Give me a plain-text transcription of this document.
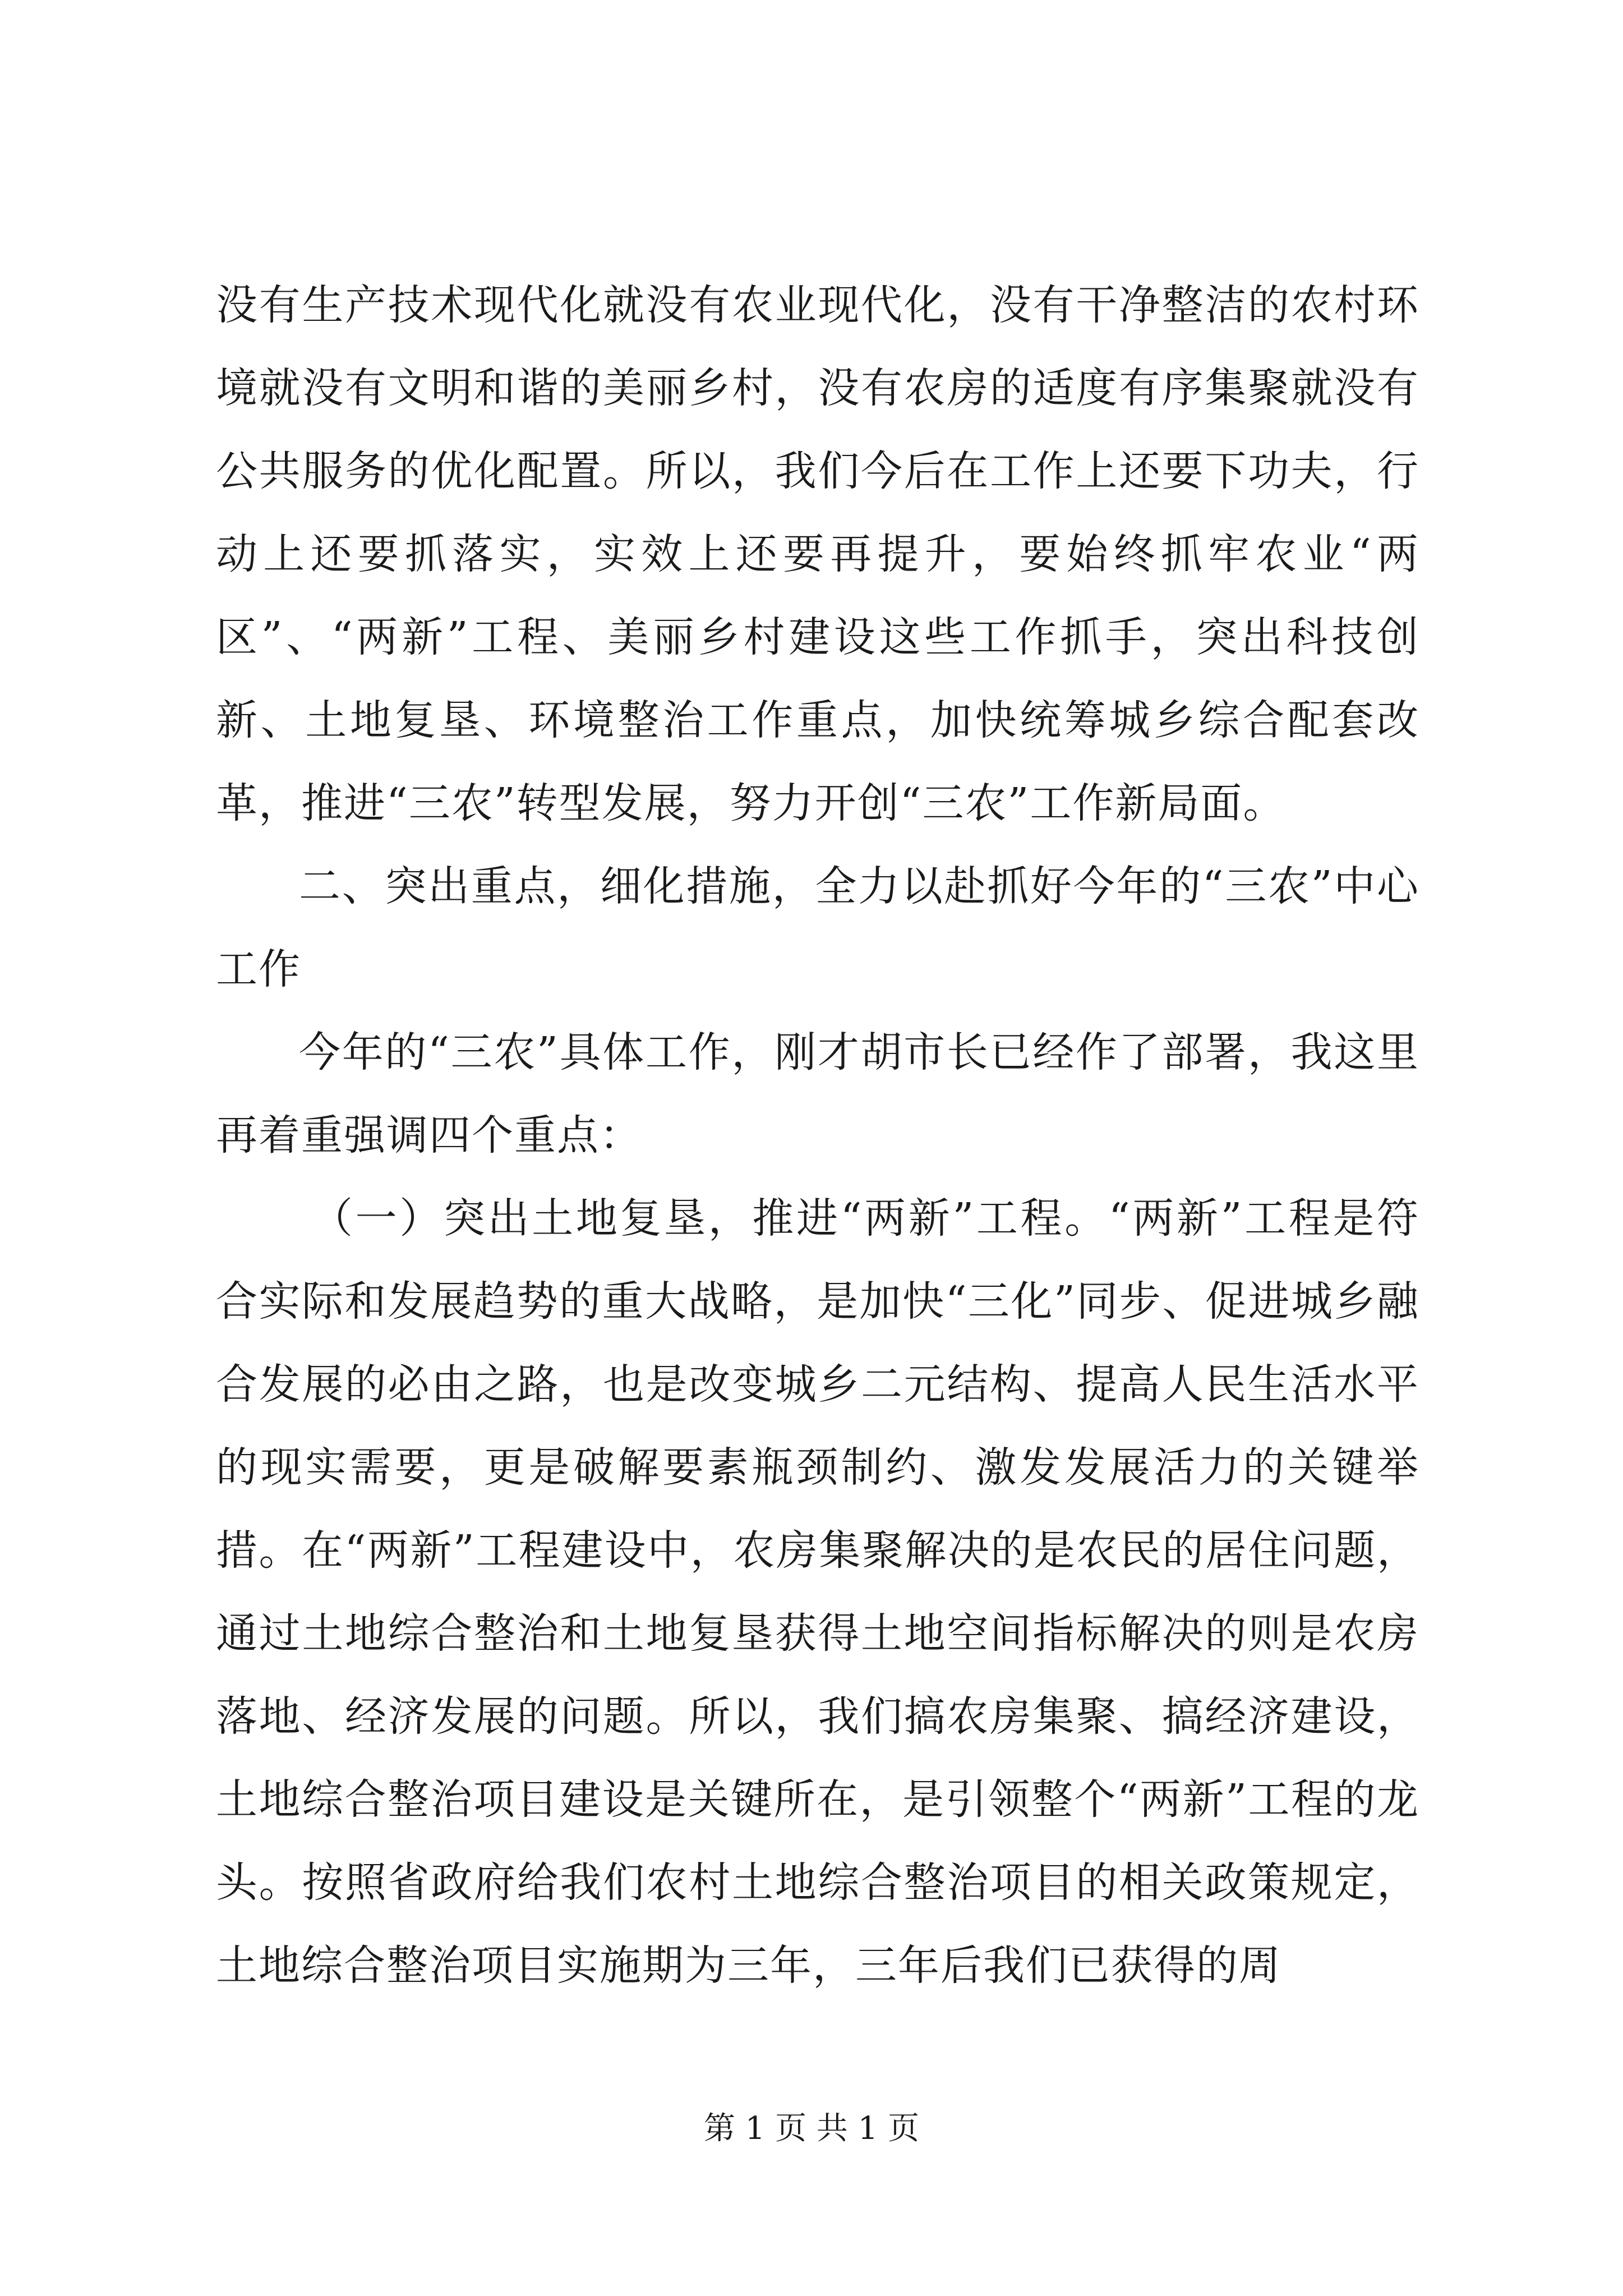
没有生产技术现代化就没有农业现代化，没有干净整洁的农村环境就没有文明和谐的美丽乡村，没有农房的适度有序集聚就没有公共服务的优化配置。所以，我们今后在工作上还要下功夫，行动上还要抓落实，实效上还要再提升，要始终抓牢农业“两区”、“两新”工程、美丽乡村建设这些工作抓手，突出科技创新、土地复垦、环境整治工作重点，加快统筹城乡综合配套改革，推进“三农”转型发展，努力开创“三农”工作新局面。

二、突出重点，细化措施，全力以赴抓好今年的“三农”中心工作

今年的“三农”具体工作，刚才胡市长已经作了部署，我这里再着重强调四个重点：

（一）突出土地复垦，推进“两新”工程。“两新”工程是符合实际和发展趋势的重大战略，是加快“三化”同步、促进城乡融合发展的必由之路，也是改变城乡二元结构、提高人民生活水平的现实需要，更是破解要素瓶颈制约、激发发展活力的关键举措。在“两新”工程建设中，农房集聚解决的是农民的居住问题，通过土地综合整治和土地复垦获得土地空间指标解决的则是农房落地、经济发展的问题。所以，我们搞农房集聚、搞经济建设，土地综合整治项目建设是关键所在，是引领整个“两新”工程的龙头。按照省政府给我们农村土地综合整治项目的相关政策规定，土地综合整治项目实施期为三年，三年后我们已获得的周

第 1 页 共 1 页
